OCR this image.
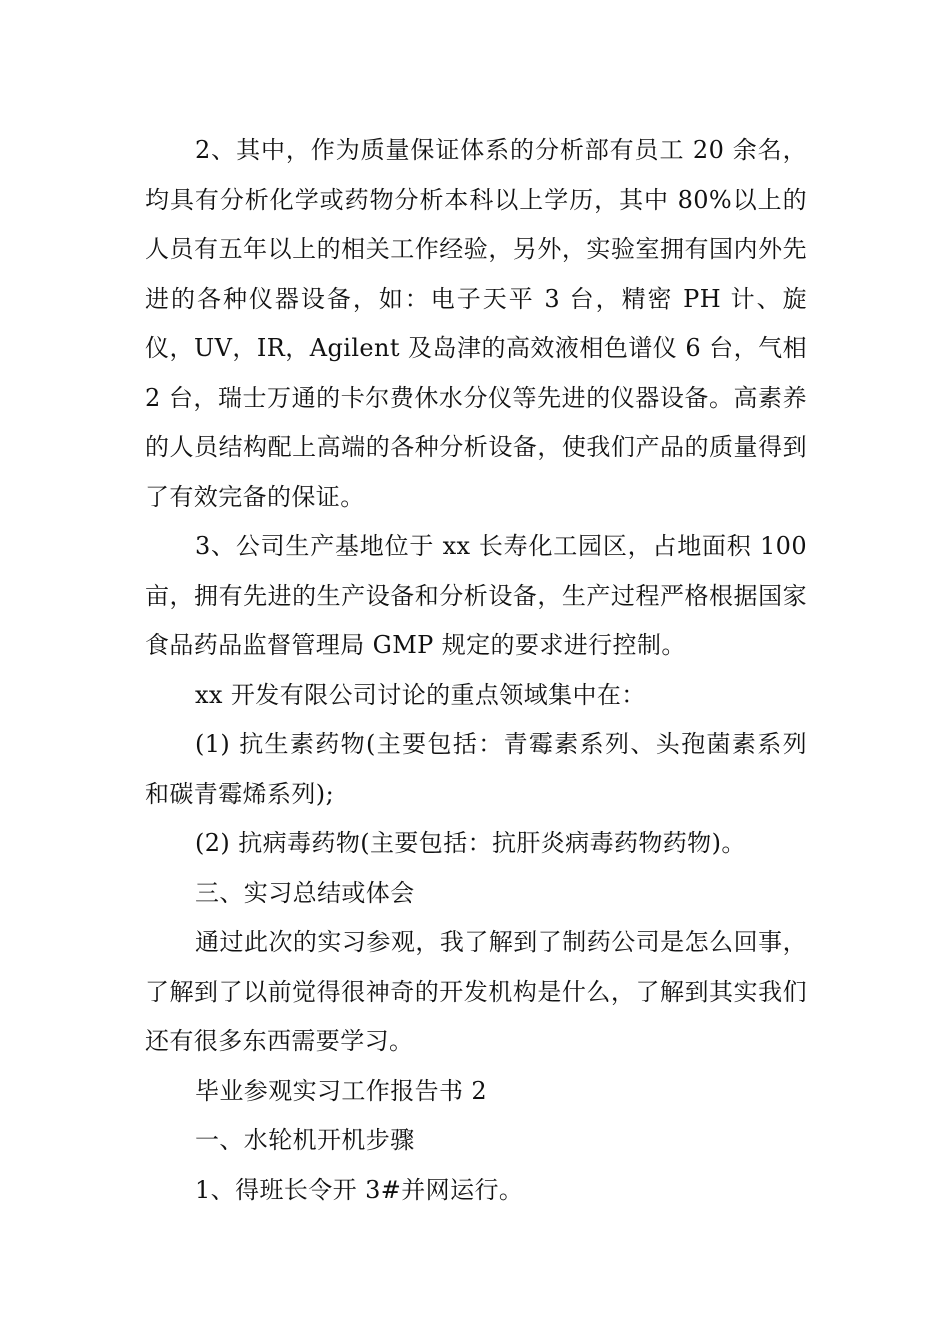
2、其中，作为质量保证体系的分析部有员工 20 余名，均具有分析化学或药物分析本科以上学历，其中 80%以上的人员有五年以上的相关工作经验，另外，实验室拥有国内外先进的各种仪器设备，如：电子天平 3 台，精密 PH 计、旋仪，UV，IR，Agilent 及岛津的高效液相色谱仪 6 台，气相 2 台，瑞士万通的卡尔费休水分仪等先进的仪器设备。高素养的人员结构配上高端的各种分析设备，使我们产品的质量得到了有效完备的保证。

3、公司生产基地位于 xx 长寿化工园区，占地面积 100 亩，拥有先进的生产设备和分析设备，生产过程严格根据国家食品药品监督管理局 GMP 规定的要求进行控制。

xx 开发有限公司讨论的重点领域集中在：

(1) 抗生素药物(主要包括：青霉素系列、头孢菌素系列和碳青霉烯系列);

(2) 抗病毒药物(主要包括：抗肝炎病毒药物药物)。

三、实习总结或体会

通过此次的实习参观，我了解到了制药公司是怎么回事，了解到了以前觉得很神奇的开发机构是什么，了解到其实我们还有很多东西需要学习。

毕业参观实习工作报告书 2

一、水轮机开机步骤

1、得班长令开 3#并网运行。
